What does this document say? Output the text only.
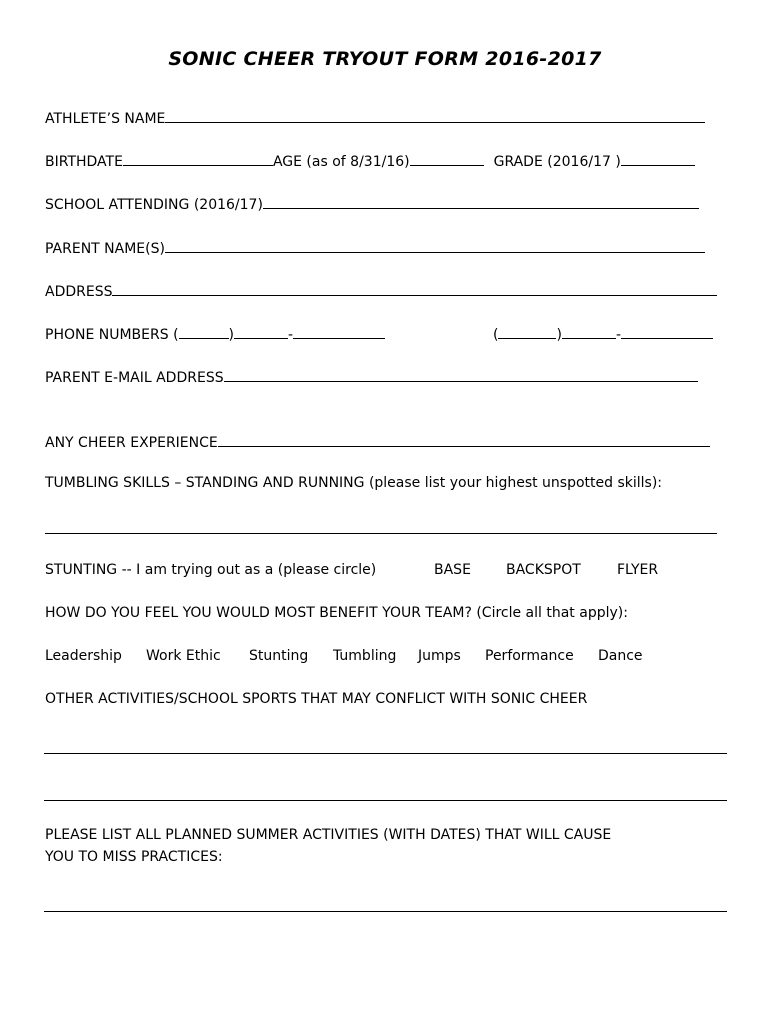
SONIC CHEER TRYOUT FORM 2016-2017
ATHLETE’S NAME
BIRTHDATE	AGE (as of 8/31/16)	GRADE (2016/17 )
SCHOOL ATTENDING (2016/17)
PARENT NAME(S)
ADDRESS
PHONE NUMBERS (	)	-	(	)	-
PARENT E-MAIL ADDRESS
ANY CHEER EXPERIENCE
TUMBLING SKILLS – STANDING AND RUNNING (please list your highest unspotted skills):
STUNTING -- I am trying out as a (please circle)	BASE	BACKSPOT	FLYER
HOW DO YOU FEEL YOU WOULD MOST BENEFIT YOUR TEAM? (Circle all that apply):
Leadership Work Ethic Stunting Tumbling Jumps Performance Dance
OTHER ACTIVITIES/SCHOOL SPORTS THAT MAY CONFLICT WITH SONIC CHEER
PLEASE LIST ALL PLANNED SUMMER ACTIVITIES (WITH DATES) THAT WILL CAUSE
YOU TO MISS PRACTICES:
